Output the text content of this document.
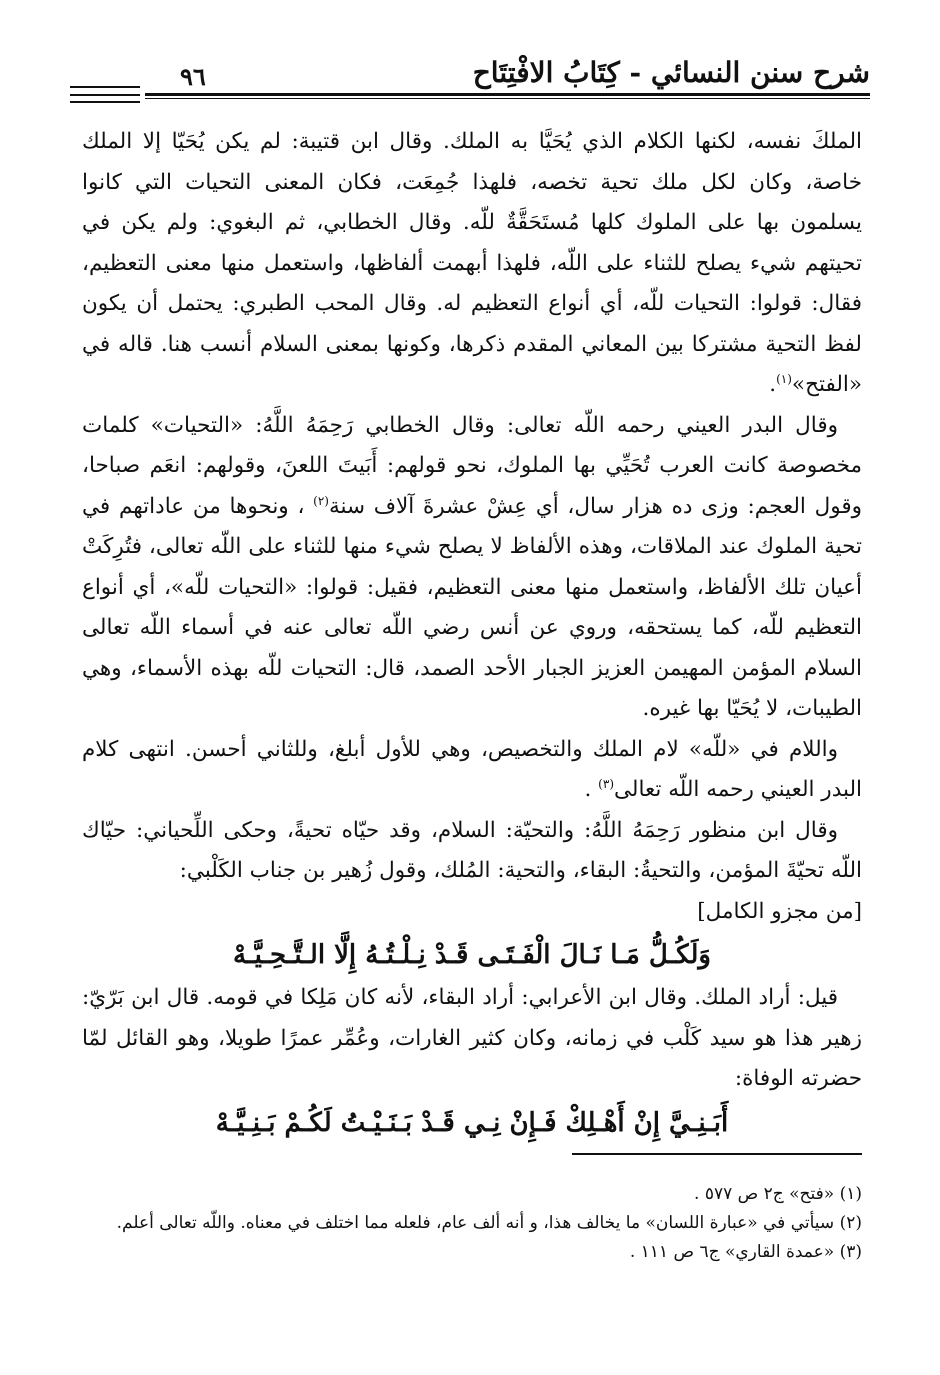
شرح سنن النسائي - كِتَابُ الافْتِتَاح
٩٦

الملكَ نفسه، لكنها الكلام الذي يُحَيَّا به الملك. وقال ابن قتيبة: لم يكن يُحَيّا إلا الملك خاصة، وكان لكل ملك تحية تخصه، فلهذا جُمِعَت، فكان المعنى التحيات التي كانوا يسلمون بها على الملوك كلها مُستَحَقَّةٌ للّه. وقال الخطابي، ثم البغوي: ولم يكن في تحيتهم شيء يصلح للثناء على اللّه، فلهذا أبهمت ألفاظها، واستعمل منها معنى التعظيم، فقال: قولوا: التحيات للّه، أي أنواع التعظيم له. وقال المحب الطبري: يحتمل أن يكون لفظ التحية مشتركا بين المعاني المقدم ذكرها، وكونها بمعنى السلام أنسب هنا. قاله في «الفتح»$^{(١)}$.

وقال البدر العيني رحمه اللّه تعالى: وقال الخطابي رَحِمَهُ اللَّهُ: «التحيات» كلمات مخصوصة كانت العرب تُحَيِّي بها الملوك، نحو قولهم: أَبَيتَ اللعنَ، وقولهم: انعَم صباحا، وقول العجم: وزى ده هزار سال، أي عِشْ عشرةَ آلاف سنة$^{(٢)}$ ، ونحوها من عاداتهم في تحية الملوك عند الملاقات، وهذه الألفاظ لا يصلح شيء منها للثناء على اللّه تعالى، فتُرِكَتْ أعيان تلك الألفاظ، واستعمل منها معنى التعظيم، فقيل: قولوا: «التحيات للّه»، أي أنواع التعظيم للّه، كما يستحقه، وروي عن أنس رضي اللّه تعالى عنه في أسماء اللّه تعالى السلام المؤمن المهيمن العزيز الجبار الأحد الصمد، قال: التحيات للّه بهذه الأسماء، وهي الطيبات، لا يُحَيّا بها غيره.

واللام في «للّه» لام الملك والتخصيص، وهي للأول أبلغ، وللثاني أحسن. انتهى كلام البدر العيني رحمه اللّه تعالى$^{(٣)}$ .

وقال ابن منظور رَحِمَهُ اللَّهُ: والتحيّة: السلام، وقد حيّاه تحيةً، وحكى اللِّحياني: حيّاك اللّه تحيّةَ المؤمن، والتحيةُ: البقاء، والتحية: المُلك، وقول زُهير بن جناب الكَلْبي:

[من مجزو الكامل]

وَلَكُـلُّ مَـا نَـالَ الْفَـتَـى قَـدْ نِـلْـتُـهُ إِلَّا الـتَّـحِـيَّـهْ

قيل: أراد الملك. وقال ابن الأعرابي: أراد البقاء، لأنه كان مَلِكا في قومه. قال ابن بَرّيّ: زهير هذا هو سيد كَلْب في زمانه، وكان كثير الغارات، وعُمِّر عمرًا طويلا، وهو القائل لمّا حضرته الوفاة:

أَبَـنِـيَّ إِنْ أَهْـلِكْ فَـإِنْ نِـي قَـدْ بَـنَـيْـتُ لَكُـمْ بَـنِـيَّـهْ

(١) «فتح» ج٢ ص ٥٧٧ .

(٢) سيأتي في «عبارة اللسان» ما يخالف هذا، و أنه ألف عام، فلعله مما اختلف في معناه. واللّه تعالى أعلم.

(٣) «عمدة القاري» ج٦ ص ١١١ .
